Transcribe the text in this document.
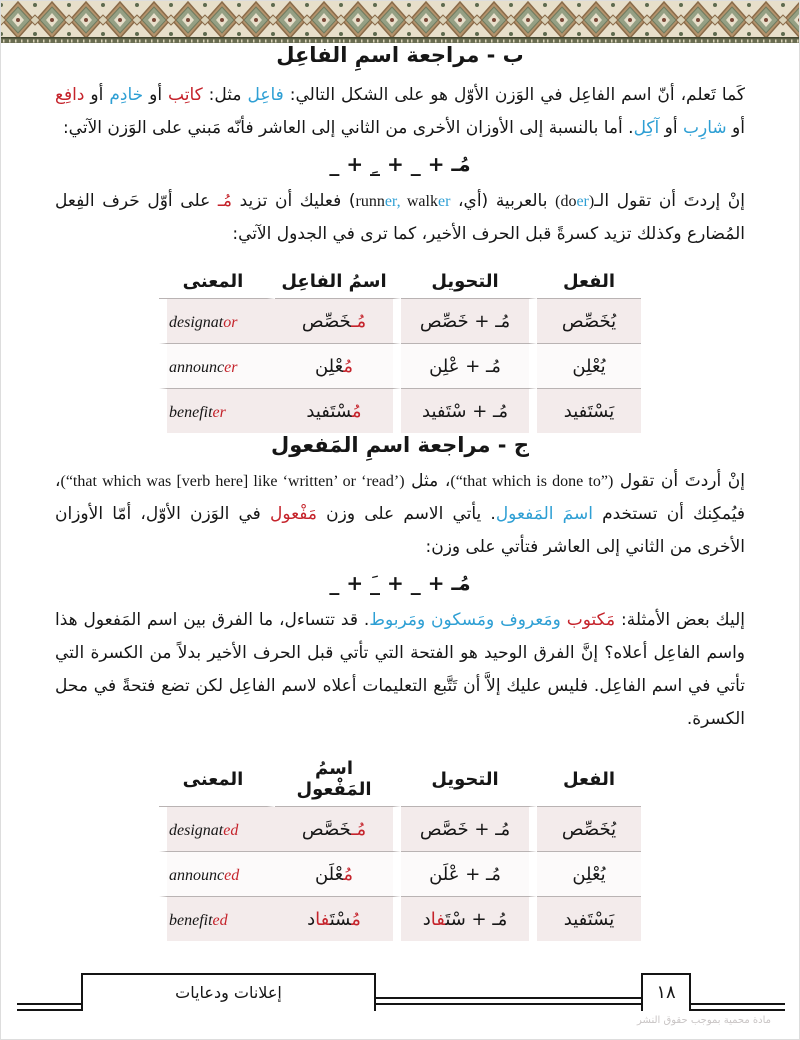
ب - مراجعة اسمِ الفاعِل

كَما تَعلم، أنّ اسم الفاعِل في الوَزن الأوّل هو على الشكل التالي: فاعِل مثل: كاتِب أو خادِم أو دافِع أو شارِب أو آكِل. أما بالنسبة إلى الأوزان الأخرى من الثاني إلى العاشر فأنّه مَبني على الوَزن الآتي:

مُـ + _ + _ِ + _

إنْ إردتَ أن تقول الـ(doer) بالعربية (أي، runner, walker) فعليك أن تزيد مُـ على أوّل حَرف الفِعل المُضارع وكذلك تزيد كسرةً قبل الحرف الأخير، كما ترى في الجدول الآتي:

الفعل	التحويل	اسمُ الفاعِل	المعنى
يُخَصِّص	مُـ + خَصِّص	مُـخَصِّص	designator
يُعْلِن	مُـ + عْلِن	مُعْلِن	announcer
يَسْتَفيد	مُـ + سْتَفيد	مُسْتَفيد	benefiter
ج - مراجعة اسمِ المَفعول

إنْ أردتَ أن تقول (“that which is done to”)، مثل (“that which was [verb here] like ‘written’ or ‘read’)، فيُمكِنك أن تستخدم اسمَ المَفعول. يأتي الاسم على وزن مَفْعول في الوَزن الأوّل، أمّا الأوزان الأخرى من الثاني إلى العاشر فتأتي على وزن:

مُـ + _ + _َ + _

إليك بعض الأمثلة: مَكتوب ومَعروف ومَسكون ومَربوط. قد تتساءل، ما الفرق بين اسم المَفعول هذا واسم الفاعِل أعلاه؟ إنَّ الفرق الوحيد هو الفتحة التي تأتي قبل الحرف الأخير بدلاً من الكسرة التي تأتي في اسم الفاعِل. فليس عليك إلاَّ أن تَتَّبع التعليمات أعلاه لاسم الفاعِل لكن تضع فتحةً في محل الكسرة.

الفعل	التحويل	اسمُ المَفْعول	المعنى
يُخَصِّص	مُـ + خَصَّص	مُـخَصَّص	designated
يُعْلِن	مُـ + عْلَن	مُعْلَن	announced
يَسْتَفيد	مُـ + سْتَفاد	مُسْتَفاد	benefited
إعلانات ودعايات	١٨
مادة محمية بموجب حقوق النشر
